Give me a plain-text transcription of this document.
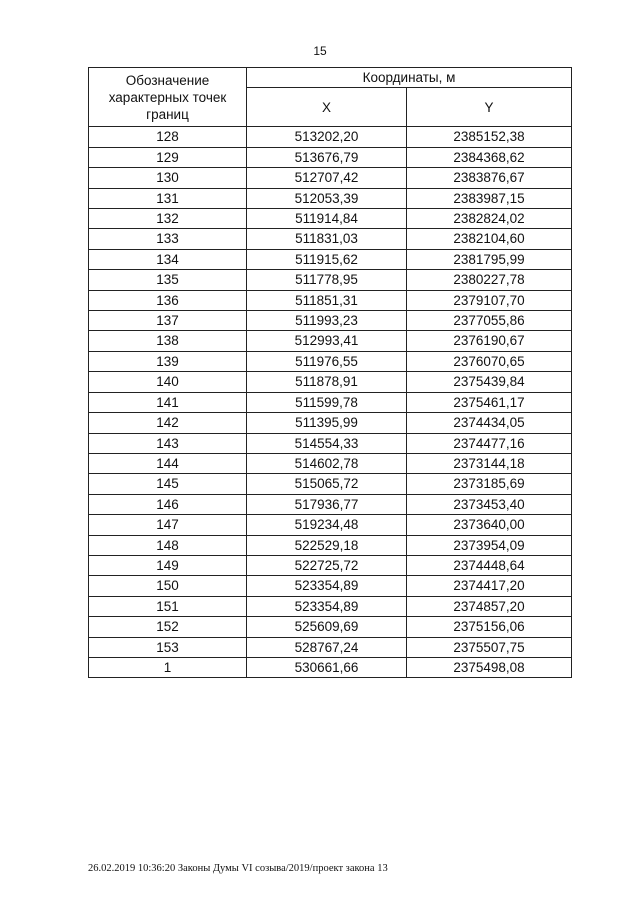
15
Обозначение характерных точек границ	Координаты, м	
	X	Y
128	513202,20	2385152,38
129	513676,79	2384368,62
130	512707,42	2383876,67
131	512053,39	2383987,15
132	511914,84	2382824,02
133	511831,03	2382104,60
134	511915,62	2381795,99
135	511778,95	2380227,78
136	511851,31	2379107,70
137	511993,23	2377055,86
138	512993,41	2376190,67
139	511976,55	2376070,65
140	511878,91	2375439,84
141	511599,78	2375461,17
142	511395,99	2374434,05
143	514554,33	2374477,16
144	514602,78	2373144,18
145	515065,72	2373185,69
146	517936,77	2373453,40
147	519234,48	2373640,00
148	522529,18	2373954,09
149	522725,72	2374448,64
150	523354,89	2374417,20
151	523354,89	2374857,20
152	525609,69	2375156,06
153	528767,24	2375507,75
1	530661,66	2375498,08
26.02.2019 10:36:20 Законы Думы VI созыва/2019/проект закона 13
